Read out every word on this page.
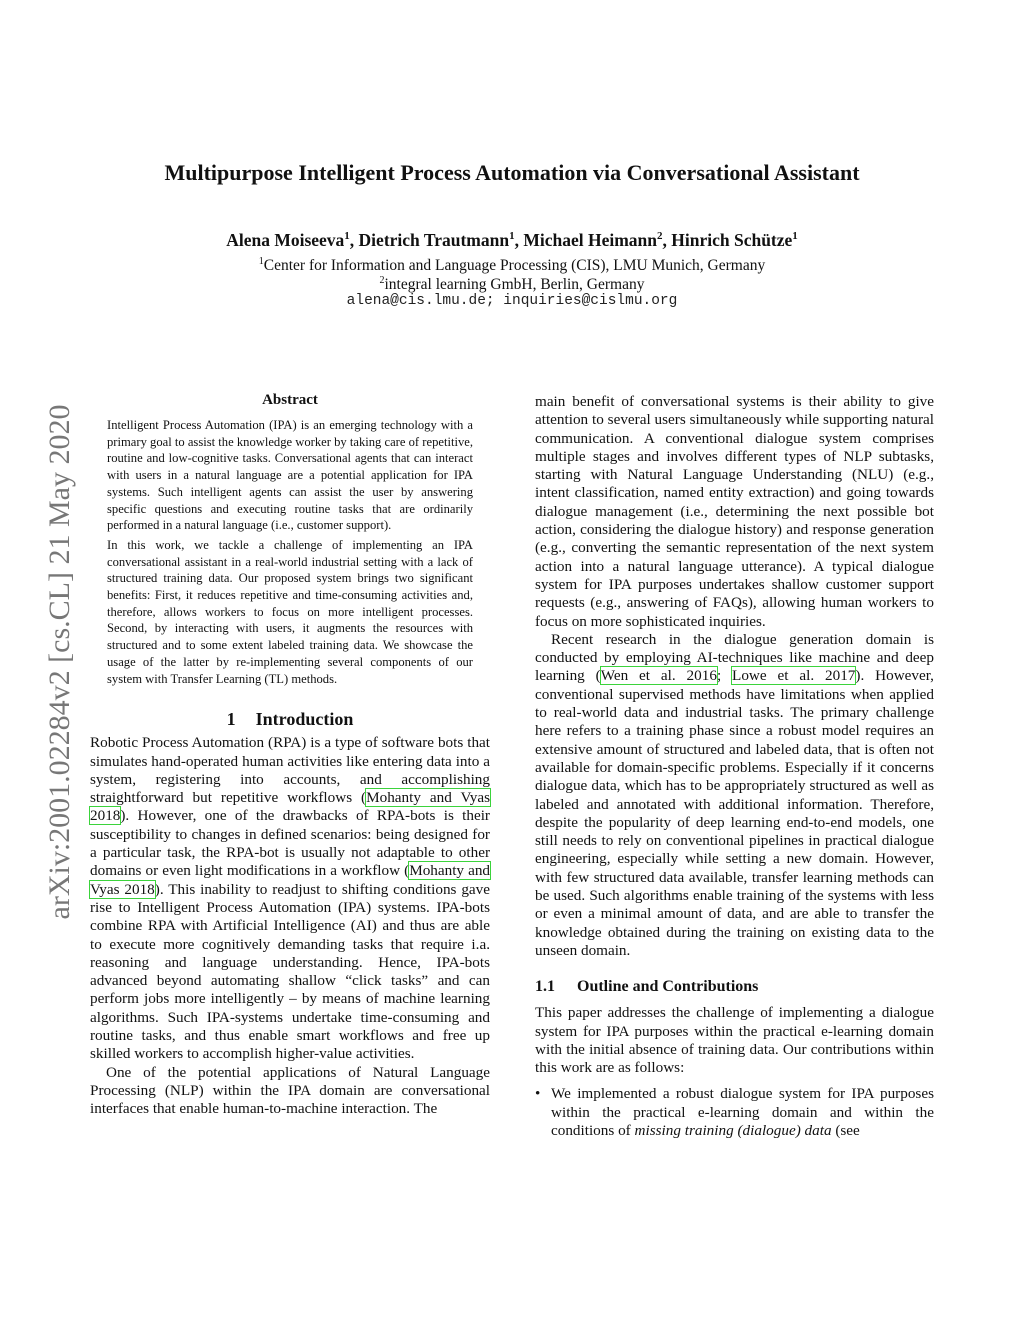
Multipurpose Intelligent Process Automation via Conversational Assistant
Alena Moiseeva$^1$, Dietrich Trautmann$^1$, Michael Heimann$^2$, Hinrich Schütze$^1$
$^1$Center for Information and Language Processing (CIS), LMU Munich, Germany
$^2$integral learning GmbH, Berlin, Germany
alena@cis.lmu.de; inquiries@cislmu.org
arXiv:2001.02284v2 [cs.CL] 21 May 2020
Abstract

Intelligent Process Automation (IPA) is an emerging technology with a primary goal to assist the knowledge worker by taking care of repetitive, routine and low-cognitive tasks. Conversational agents that can interact with users in a natural language are a potential application for IPA systems. Such intelligent agents can assist the user by answering specific questions and executing routine tasks that are ordinarily performed in a natural language (i.e., customer support).

In this work, we tackle a challenge of implementing an IPA conversational assistant in a real-world industrial setting with a lack of structured training data. Our proposed system brings two significant benefits: First, it reduces repetitive and time-consuming activities and, therefore, allows workers to focus on more intelligent processes. Second, by interacting with users, it augments the resources with structured and to some extent labeled training data. We showcase the usage of the latter by re-implementing several components of our system with Transfer Learning (TL) methods.

1 Introduction

Robotic Process Automation (RPA) is a type of software bots that simulates hand-operated human activities like entering data into a system, registering into accounts, and accomplishing straightforward but repetitive workflows (Mohanty and Vyas 2018). However, one of the drawbacks of RPA-bots is their susceptibility to changes in defined scenarios: being designed for a particular task, the RPA-bot is usually not adaptable to other domains or even light modifications in a workflow (Mohanty and Vyas 2018). This inability to readjust to shifting conditions gave rise to Intelligent Process Automation (IPA) systems. IPA-bots combine RPA with Artificial Intelligence (AI) and thus are able to execute more cognitively demanding tasks that require i.a. reasoning and language understanding. Hence, IPA-bots advanced beyond automating shallow “click tasks” and can perform jobs more intelligently – by means of machine learning algorithms. Such IPA-systems undertake time-consuming and routine tasks, and thus enable smart workflows and free up skilled workers to accomplish higher-value activities.

One of the potential applications of Natural Language Processing (NLP) within the IPA domain are conversational interfaces that enable human-to-machine interaction. The

main benefit of conversational systems is their ability to give attention to several users simultaneously while supporting natural communication. A conventional dialogue system comprises multiple stages and involves different types of NLP subtasks, starting with Natural Language Understanding (NLU) (e.g., intent classification, named entity extraction) and going towards dialogue management (i.e., determining the next possible bot action, considering the dialogue history) and response generation (e.g., converting the semantic representation of the next system action into a natural language utterance). A typical dialogue system for IPA purposes undertakes shallow customer support requests (e.g., answering of FAQs), allowing human workers to focus on more sophisticated inquiries.

Recent research in the dialogue generation domain is conducted by employing AI-techniques like machine and deep learning (Wen et al. 2016; Lowe et al. 2017). However, conventional supervised methods have limitations when applied to real-world data and industrial tasks. The primary challenge here refers to a training phase since a robust model requires an extensive amount of structured and labeled data, that is often not available for domain-specific problems. Especially if it concerns dialogue data, which has to be appropriately structured as well as labeled and annotated with additional information. Therefore, despite the popularity of deep learning end-to-end models, one still needs to rely on conventional pipelines in practical dialogue engineering, especially while setting a new domain. However, with few structured data available, transfer learning methods can be used. Such algorithms enable training of the systems with less or even a minimal amount of data, and are able to transfer the knowledge obtained during the training on existing data to the unseen domain.

1.1 Outline and Contributions

This paper addresses the challenge of implementing a dialogue system for IPA purposes within the practical e-learning domain with the initial absence of training data. Our contributions within this work are as follows:

• We implemented a robust dialogue system for IPA purposes within the practical e-learning domain and within the conditions of missing training (dialogue) data (see
